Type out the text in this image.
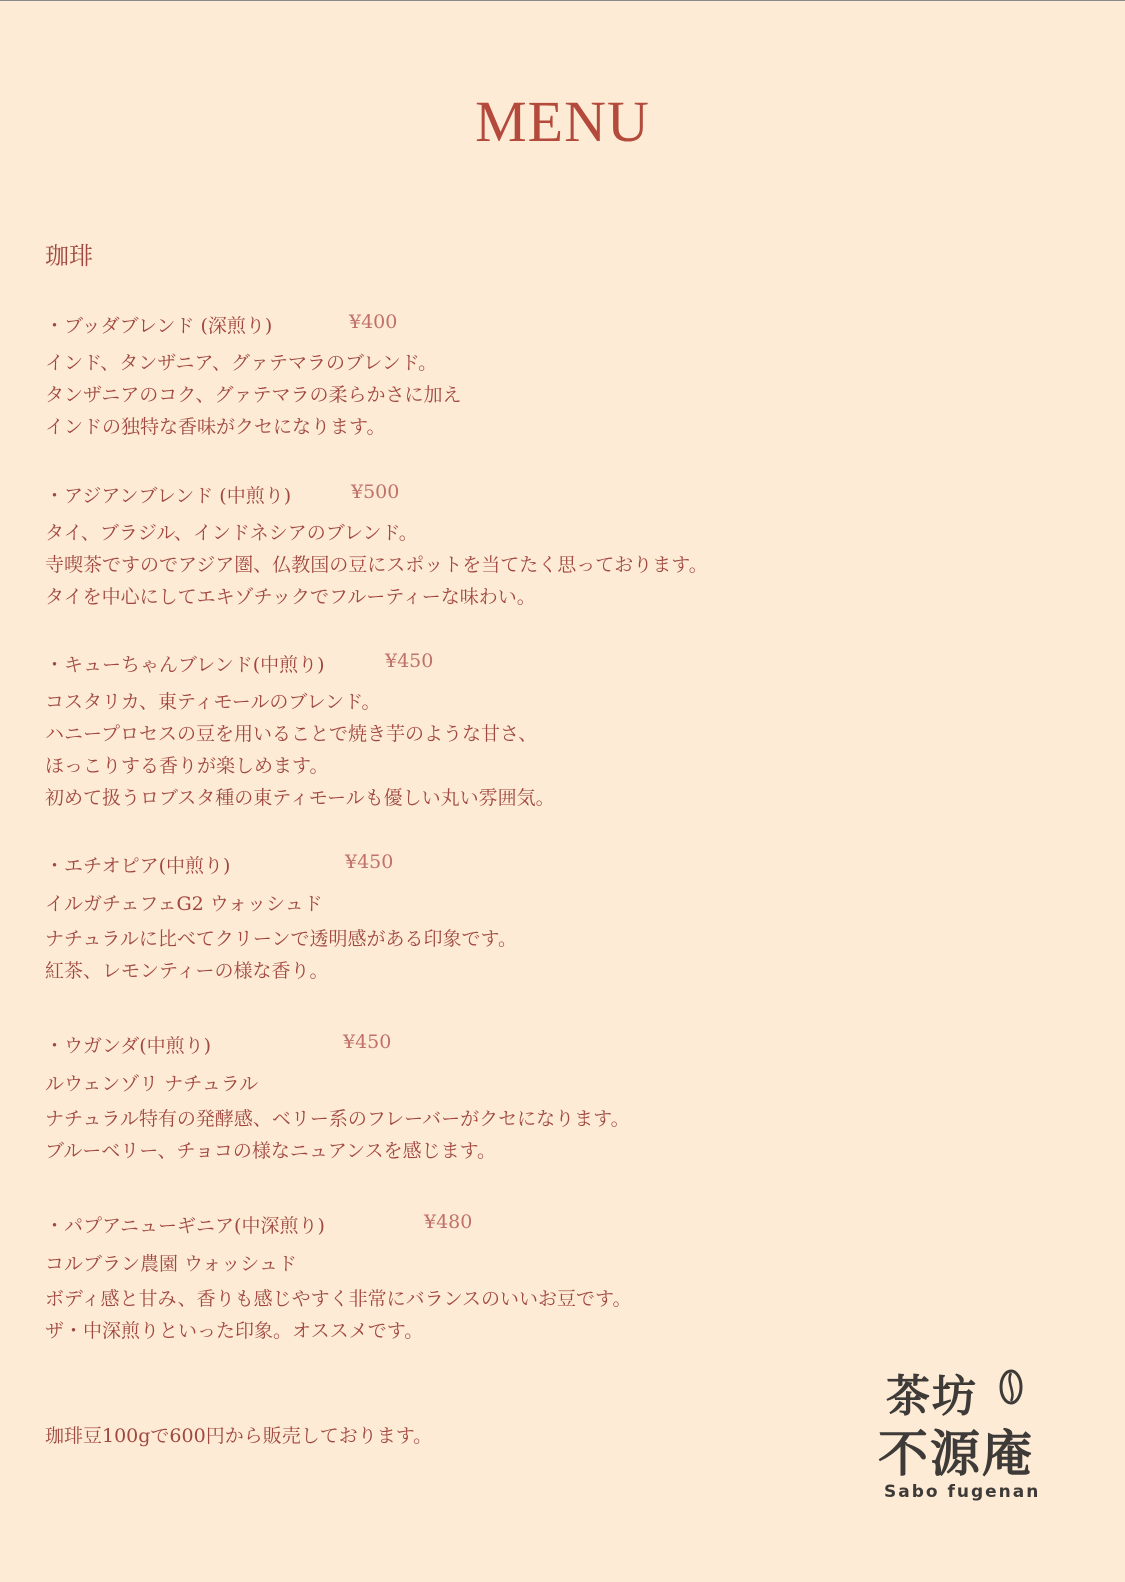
MENU
珈琲
・ブッダブレンド (深煎り)	¥400
インド、タンザニア、グァテマラのブレンド。
タンザニアのコク、グァテマラの柔らかさに加え
インドの独特な香味がクセになります。
・アジアンブレンド (中煎り)	¥500
タイ、ブラジル、インドネシアのブレンド。
寺喫茶ですのでアジア圏、仏教国の豆にスポットを当てたく思っております。
タイを中心にしてエキゾチックでフルーティーな味わい。
・キューちゃんブレンド(中煎り)	¥450
コスタリカ、東ティモールのブレンド。
ハニープロセスの豆を用いることで焼き芋のような甘さ、
ほっこりする香りが楽しめます。
初めて扱うロブスタ種の東ティモールも優しい丸い雰囲気。
・エチオピア(中煎り)	¥450
イルガチェフェG2 ウォッシュド
ナチュラルに比べてクリーンで透明感がある印象です。
紅茶、レモンティーの様な香り。
・ウガンダ(中煎り)	¥450
ルウェンゾリ ナチュラル
ナチュラル特有の発酵感、ベリー系のフレーバーがクセになります。
ブルーベリー、チョコの様なニュアンスを感じます。
・パプアニューギニア(中深煎り)	¥480
コルブラン農園 ウォッシュド
ボディ感と甘み、香りも感じやすく非常にバランスのいいお豆です。
ザ・中深煎りといった印象。オススメです。
珈琲豆100gで600円から販売しております。
茶坊
不源庵
Sabo fugenan
